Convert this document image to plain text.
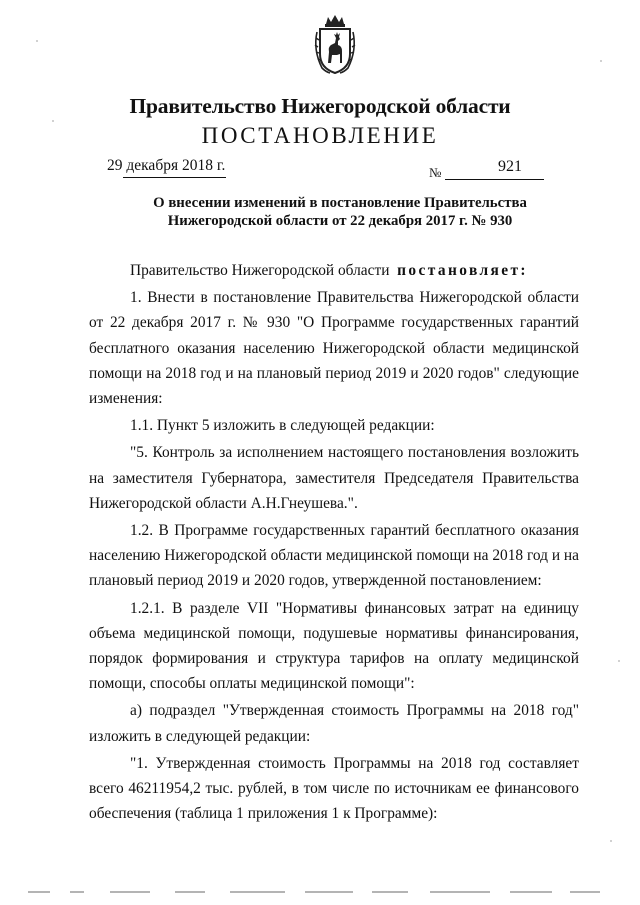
Правительство Нижегородской области
ПОСТАНОВЛЕНИЕ
29 декабря 2018 г.	№	921
О внесении изменений в постановление Правительства
Нижегородской области от 22 декабря 2017 г. № 930

Правительство Нижегородской области постановляет:

1. Внести в постановление Правительства Нижегородской области от 22 декабря 2017 г. № 930 "О Программе государственных гарантий бесплатного оказания населению Нижегородской области медицинской помощи на 2018 год и на плановый период 2019 и 2020 годов" следующие изменения:

1.1. Пункт 5 изложить в следующей редакции:

"5. Контроль за исполнением настоящего постановления возложить на заместителя Губернатора, заместителя Председателя Правительства Нижегородской области А.Н.Гнеушева.".

1.2. В Программе государственных гарантий бесплатного оказания населению Нижегородской области медицинской помощи на 2018 год и на плановый период 2019 и 2020 годов, утвержденной постановлением:

1.2.1. В разделе VII "Нормативы финансовых затрат на единицу объема медицинской помощи, подушевые нормативы финансирования, порядок формирования и структура тарифов на оплату медицинской помощи, способы оплаты медицинской помощи":

а) подраздел "Утвержденная стоимость Программы на 2018 год" изложить в следующей редакции:

"1. Утвержденная стоимость Программы на 2018 год составляет всего 46211954,2 тыс. рублей, в том числе по источникам ее финансового обеспечения (таблица 1 приложения 1 к Программе):
